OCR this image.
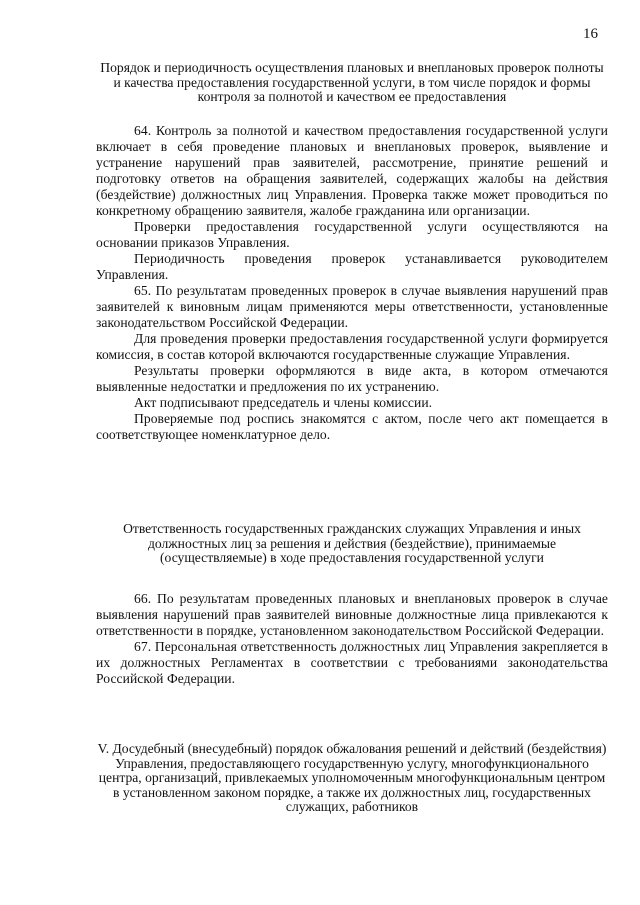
16
Порядок и периодичность осуществления плановых и внеплановых проверок полноты и качества предоставления государственной услуги, в том числе порядок и формы контроля за полнотой и качеством ее предоставления

64. Контроль за полнотой и качеством предоставления государственной услуги включает в себя проведение плановых и внеплановых проверок, выявление и устранение нарушений прав заявителей, рассмотрение, принятие решений и подготовку ответов на обращения заявителей, содержащих жалобы на действия (бездействие) должностных лиц Управления. Проверка также может проводиться по конкретному обращению заявителя, жалобе гражданина или организации.

Проверки предоставления государственной услуги осуществляются на основании приказов Управления.

Периодичность проведения проверок устанавливается руководителем Управления.

65. По результатам проведенных проверок в случае выявления нарушений прав заявителей к виновным лицам применяются меры ответственности, установленные законодательством Российской Федерации.

Для проведения проверки предоставления государственной услуги формируется комиссия, в состав которой включаются государственные служащие Управления.

Результаты проверки оформляются в виде акта, в котором отмечаются выявленные недостатки и предложения по их устранению.

Акт подписывают председатель и члены комиссии.

Проверяемые под роспись знакомятся с актом, после чего акт помещается в соответствующее номенклатурное дело.

Ответственность государственных гражданских служащих Управления и иных должностных лиц за решения и действия (бездействие), принимаемые (осуществляемые) в ходе предоставления государственной услуги

66. По результатам проведенных плановых и внеплановых проверок в случае выявления нарушений прав заявителей виновные должностные лица привлекаются к ответственности в порядке, установленном законодательством Российской Федерации.

67. Персональная ответственность должностных лиц Управления закрепляется в их должностных Регламентах в соответствии с требованиями законодательства Российской Федерации.

V. Досудебный (внесудебный) порядок обжалования решений и действий (бездействия) Управления, предоставляющего государственную услугу, многофункционального центра, организаций, привлекаемых уполномоченным многофункциональным центром в установленном законом порядке, а также их должностных лиц, государственных служащих, работников
